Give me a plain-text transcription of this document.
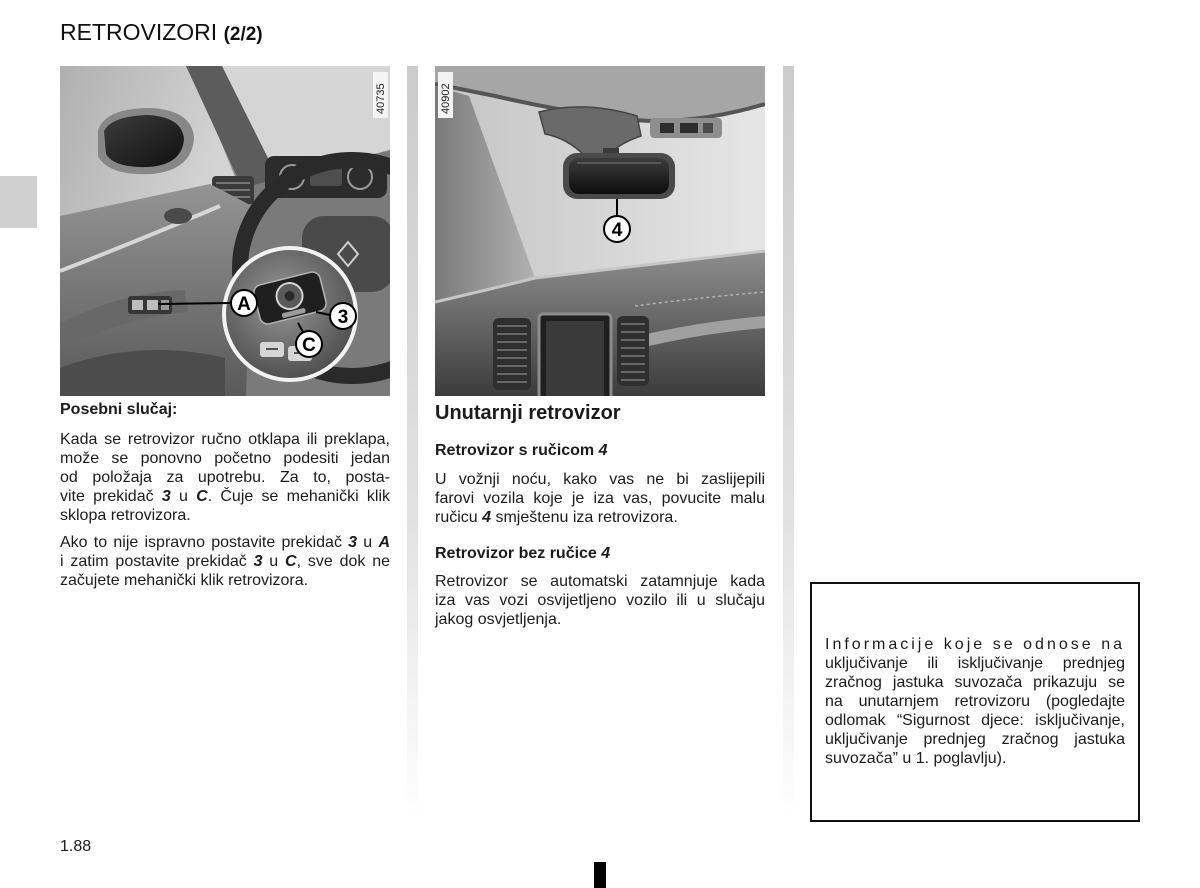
RETROVIZORI (2/2)
A
3
C
40735
4
40902
Posebni slučaj:
Kada se retrovizor ručno otklapa ili preklapa,
može se ponovno početno podesiti jedan
od položaja za upotrebu. Za to, posta-
vite prekidač 3 u C. Čuje se mehanički klik
sklopa retrovizora.
Ako to nije ispravno postavite prekidač 3 u A
i zatim postavite prekidač 3 u C, sve dok ne
začujete mehanički klik retrovizora.
Unutarnji retrovizor
Retrovizor s ručicom 4
U vožnji noću, kako vas ne bi zaslijepili
farovi vozila koje je iza vas, povucite malu
ručicu 4 smještenu iza retrovizora.
Retrovizor bez ručice 4
Retrovizor se automatski zatamnjuje kada
iza vas vozi osvijetljeno vozilo ili u slučaju
jakog osvjetljenja.
Informacije koje se odnose na
uključivanje ili isključivanje prednjeg
zračnog jastuka suvozača prikazuju se
na unutarnjem retrovizoru (pogledajte
odlomak “Sigurnost djece: isključivanje,
uključivanje prednjeg zračnog jastuka
suvozača” u 1. poglavlju).
1.88
